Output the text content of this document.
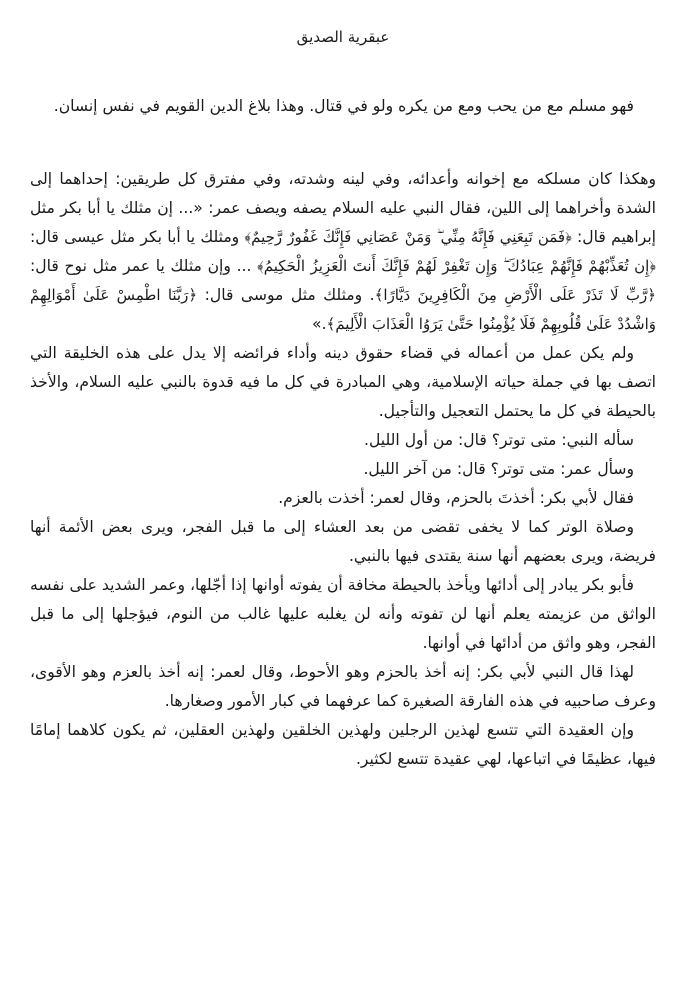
عبقرية الصديق

فهو مسلم مع من يحب ومع من يكره ولو في قتال. وهذا بلاغ الدين القويم في نفس إنسان.

وهكذا كان مسلكه مع إخوانه وأعدائه، وفي لينه وشدته، وفي مفترق كل طريقين: إحداهما إلى الشدة وأخراهما إلى اللين، فقال النبي عليه السلام يصفه ويصف عمر: «... إن مثلك يا أبا بكر مثل إبراهيم قال: ﴿فَمَن تَبِعَنِي فَإِنَّهُ مِنِّي ۖ وَمَنْ عَصَانِي فَإِنَّكَ غَفُورٌ رَّحِيمٌ﴾ ومثلك يا أبا بكر مثل عيسى قال: ﴿إِن تُعَذِّبْهُمْ فَإِنَّهُمْ عِبَادُكَ ۖ وَإِن تَغْفِرْ لَهُمْ فَإِنَّكَ أَنتَ الْعَزِيزُ الْحَكِيمُ﴾ ... وإن مثلك يا عمر مثل نوح قال: ﴿رَّبِّ لَا تَذَرْ عَلَى الْأَرْضِ مِنَ الْكَافِرِينَ دَيَّارًا﴾. ومثلك مثل موسى قال: ﴿رَبَّنَا اطْمِسْ عَلَىٰ أَمْوَالِهِمْ وَاشْدُدْ عَلَىٰ قُلُوبِهِمْ فَلَا يُؤْمِنُوا حَتَّىٰ يَرَوُا الْعَذَابَ الْأَلِيمَ﴾.»

ولم يكن عمل من أعماله في قضاء حقوق دينه وأداء فرائضه إلا يدل على هذه الخليقة التي اتصف بها في جملة حياته الإسلامية، وهي المبادرة في كل ما فيه قدوة بالنبي عليه السلام، والأخذ بالحيطة في كل ما يحتمل التعجيل والتأجيل.

سأله النبي: متى توتر؟ قال: من أول الليل.

وسأل عمر: متى توتر؟ قال: من آخر الليل.

فقال لأبي بكر: أخذتَ بالحزم، وقال لعمر: أخذت بالعزم.

وصلاة الوتر كما لا يخفى تقضى من بعد العشاء إلى ما قبل الفجر، ويرى بعض الأئمة أنها فريضة، ويرى بعضهم أنها سنة يقتدى فيها بالنبي.

فأبو بكر يبادر إلى أدائها ويأخذ بالحيطة مخافة أن يفوته أوانها إذا أجّلها، وعمر الشديد على نفسه الواثق من عزيمته يعلم أنها لن تفوته وأنه لن يغلبه عليها غالب من النوم، فيؤجلها إلى ما قبل الفجر، وهو واثق من أدائها في أوانها.

لهذا قال النبي لأبي بكر: إنه أخذ بالحزم وهو الأحوط، وقال لعمر: إنه أخذ بالعزم وهو الأقوى، وعرف صاحبيه في هذه الفارقة الصغيرة كما عرفهما في كبار الأمور وصغارها.

وإن العقيدة التي تتسع لهذين الرجلين ولهذين الخلقين ولهذين العقلين، ثم يكون كلاهما إمامًا فيها، عظيمًا في اتباعها، لهي عقيدة تتسع لكثير.
